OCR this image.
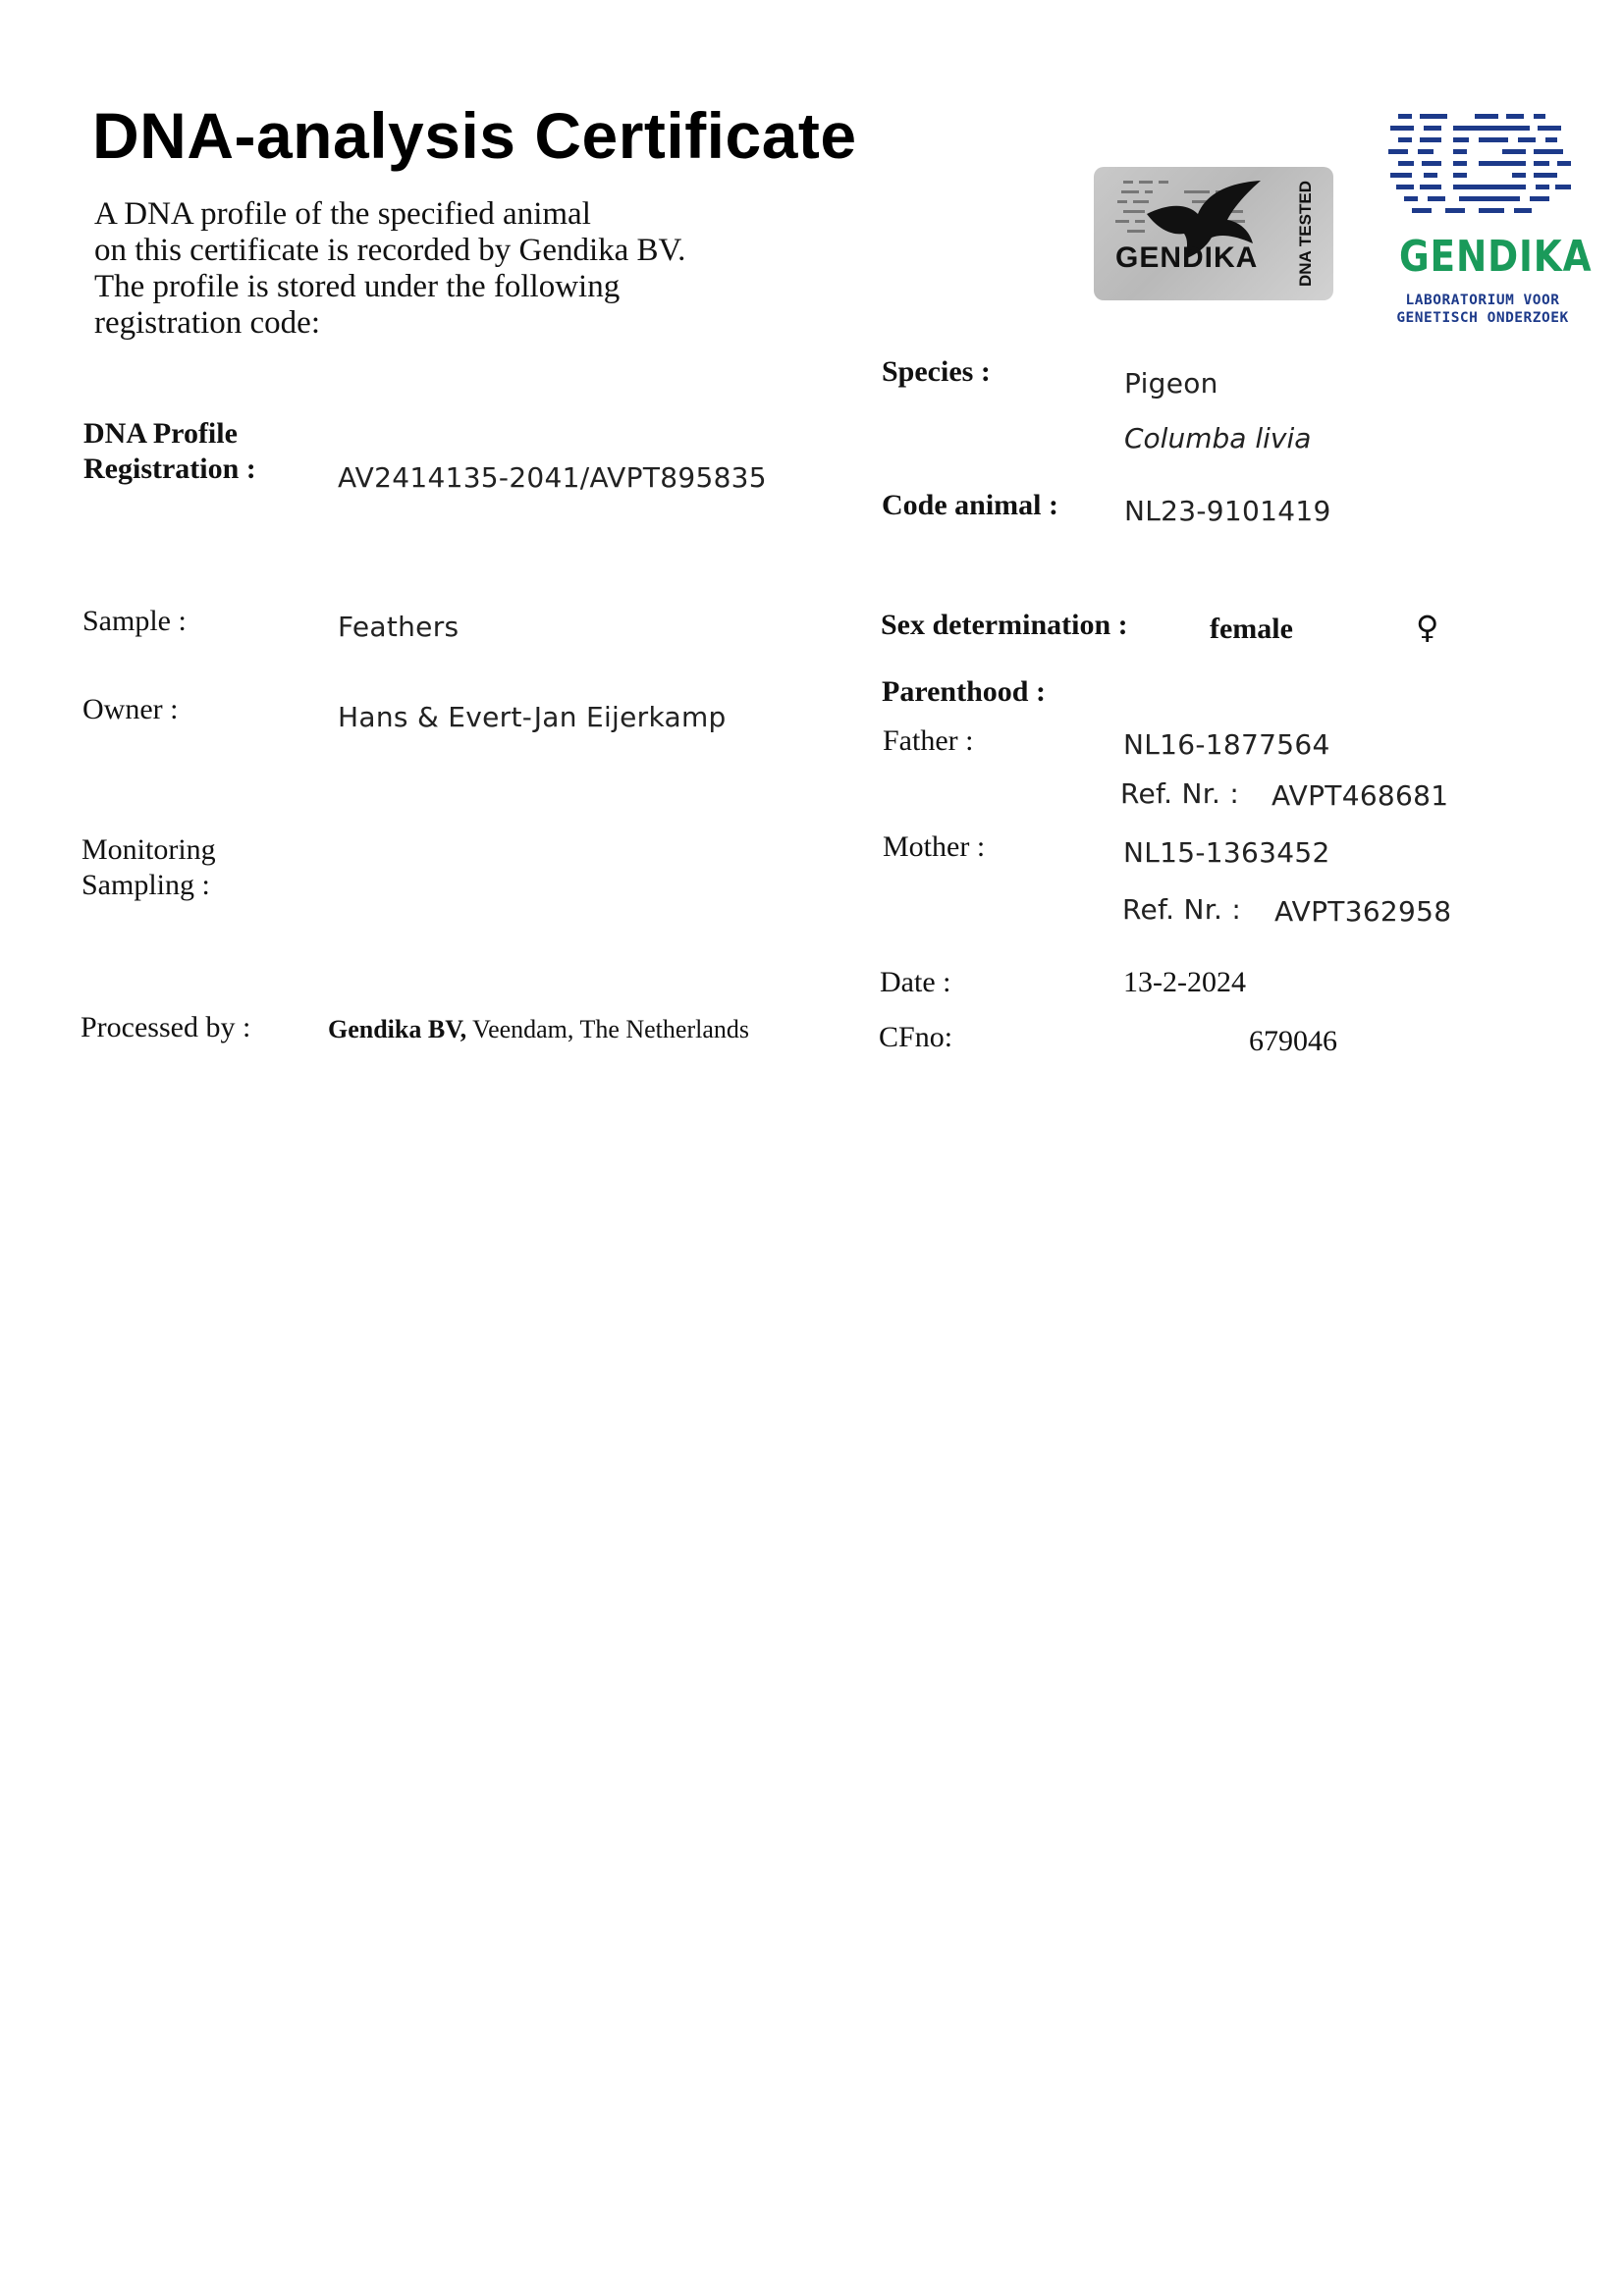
DNA-analysis Certificate
A DNA profile of the specified animal
on this certificate is recorded by Gendika BV.
The profile is stored under the following
registration code:
GENDIKA DNA TESTED GENDIKA
LABORATORIUM VOOR
GENETISCH ONDERZOEK
DNA Profile
Registration :	AV2414135-2041/AVPT895835
Sample :	Feathers
Owner :	Hans & Evert-Jan Eijerkamp
Monitoring
Sampling :
Processed by :	Gendika BV, Veendam, The Netherlands
Species :	Pigeon
Columba livia
Code animal : NL23-9101419
Sex determination :	female	♀
Parenthood :
Father :	NL16-1877564
Ref. Nr. : AVPT468681
Mother :	NL15-1363452
Ref. Nr. : AVPT362958
Date :	13-2-2024
CFno:	679046
